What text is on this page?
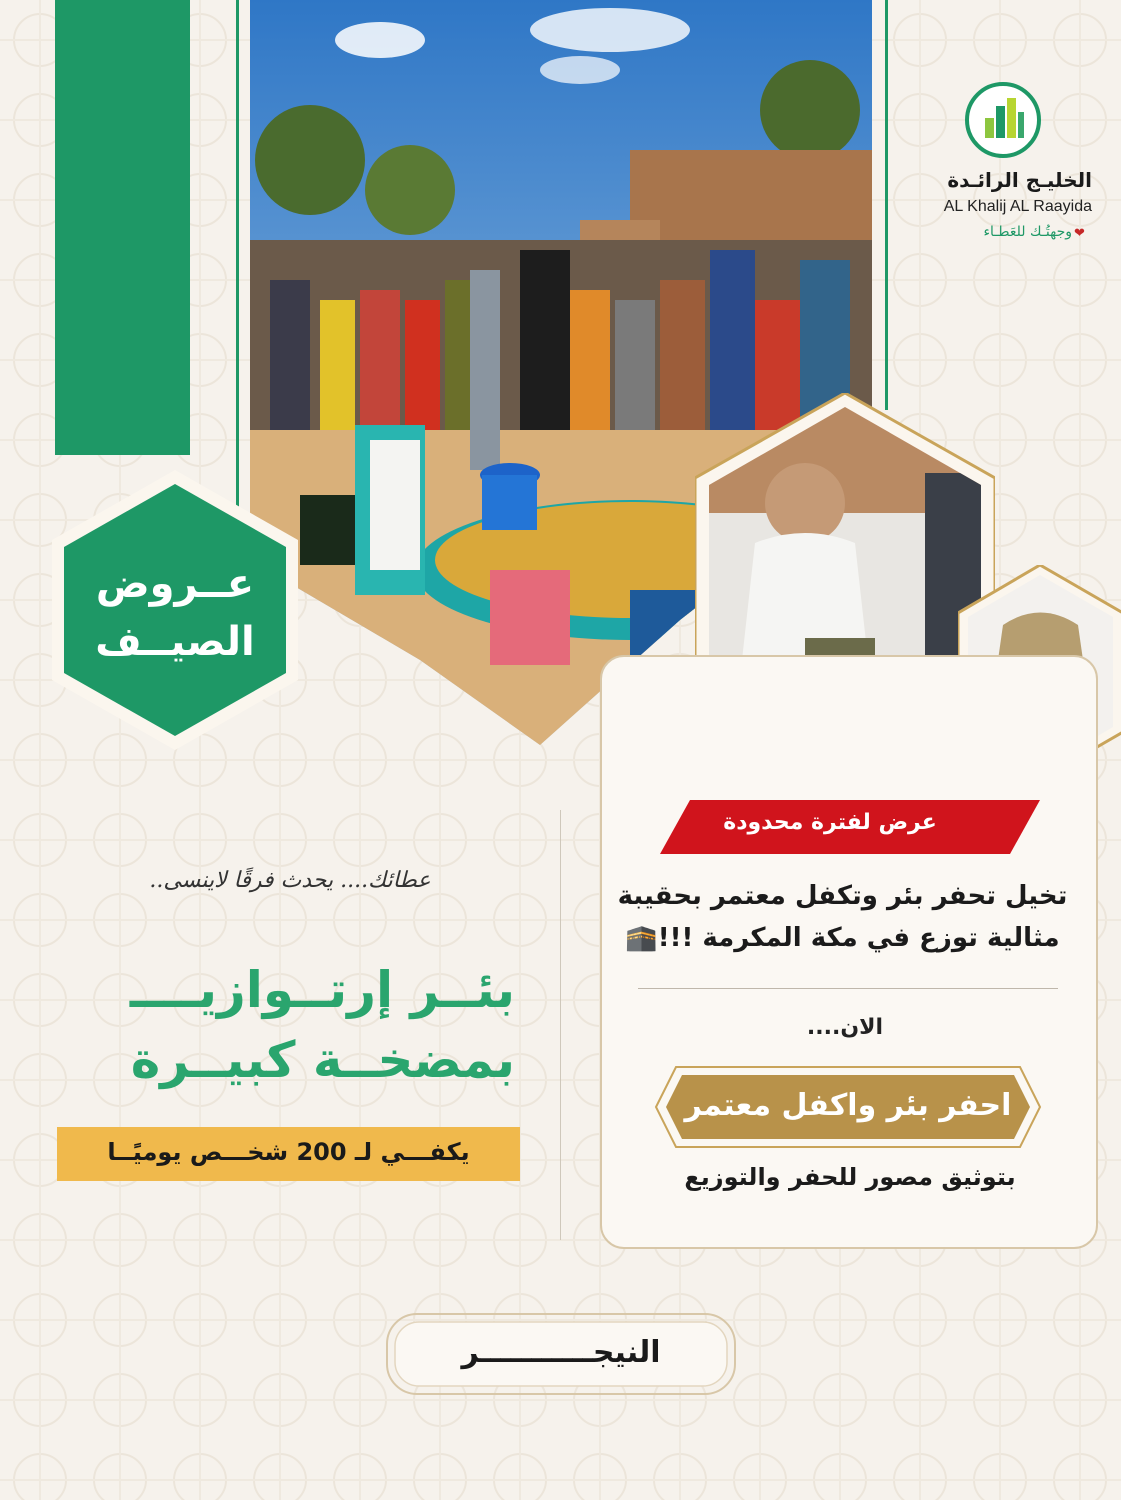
عــروض
الصيــف
الخليـج الرائـدة
AL Khalij AL Raayida
وجهتُـك للعَطـاء ❤
عرض لفترة محدودة
تخيل تحفر بئر وتكفل معتمر بحقيبة
مثالية توزع في مكة المكرمة !!!🕋
الان....
احفر بئر واكفل معتمر
بتوثيق مصور للحفر والتوزيع
عطائك.... يحدث فرقًا لاينسى..
بئــر إرتــوازيــــ
بمضخــة كبيــرة
يكفـــي لـ 200 شخـــص يوميًــا
النيجـــــــــــر
